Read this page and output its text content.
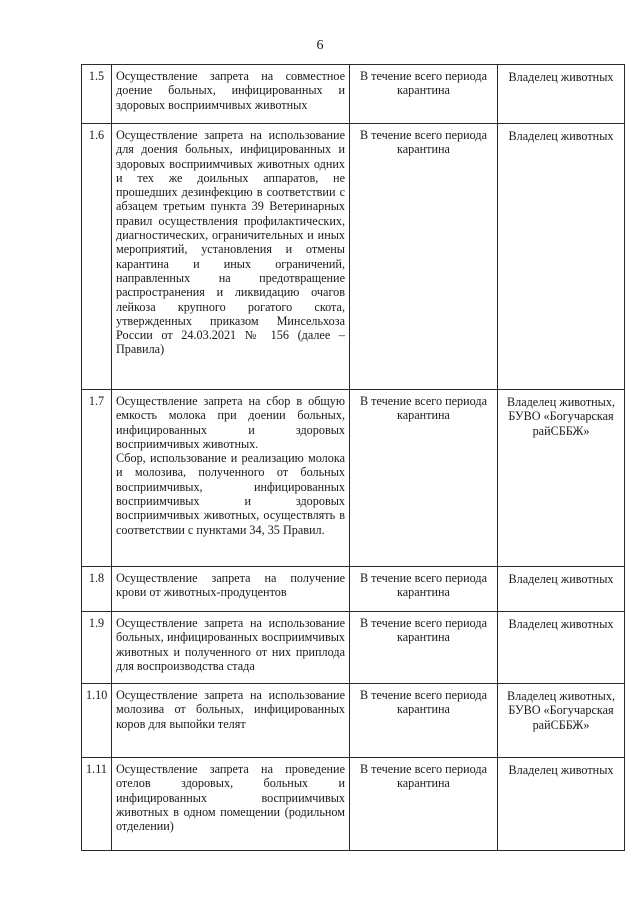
6
1.5	Осуществление запрета на совместное доение больных, инфицированных и здоровых восприимчивых животных	В течение всего периода карантина	Владелец животных

1.6	Осуществление запрета на использование для доения больных, инфицированных и здоровых восприимчивых животных одних и тех же доильных аппаратов, не прошедших дезинфекцию в соответствии с абзацем третьим пункта 39 Ветеринарных правил осуществления профилактических, диагностических, ограничительных и иных мероприятий, установления и отмены карантина и иных ограничений, направленных на предотвращение распространения и ликвидацию очагов лейкоза крупного рогатого скота, утвержденных приказом Минсельхоза России от 24.03.2021 № 156 (далее – Правила)	В течение всего периода карантина	Владелец животных

1.7	Осуществление запрета на сбор в общую емкость молока при доении больных, инфицированных и здоровых восприимчивых животных.
Сбор, использование и реализацию молока и молозива, полученного от больных восприимчивых, инфицированных восприимчивых и здоровых восприимчивых животных, осуществлять в соответствии с пунктами 34, 35 Правил.	В течение всего периода карантина	Владелец животных, БУВО «Богучарская райСББЖ»

1.8	Осуществление запрета на получение крови от животных-продуцентов	В течение всего периода карантина	Владелец животных

1.9	Осуществление запрета на использование больных, инфицированных восприимчивых животных и полученного от них приплода для воспроизводства стада	В течение всего периода карантина	Владелец животных

1.10	Осуществление запрета на использование молозива от больных, инфицированных коров для выпойки телят	В течение всего периода карантина	Владелец животных, БУВО «Богучарская райСББЖ»

1.11	Осуществление запрета на проведение отелов здоровых, больных и инфицированных восприимчивых животных в одном помещении (родильном отделении)	В течение всего периода карантина	Владелец животных
